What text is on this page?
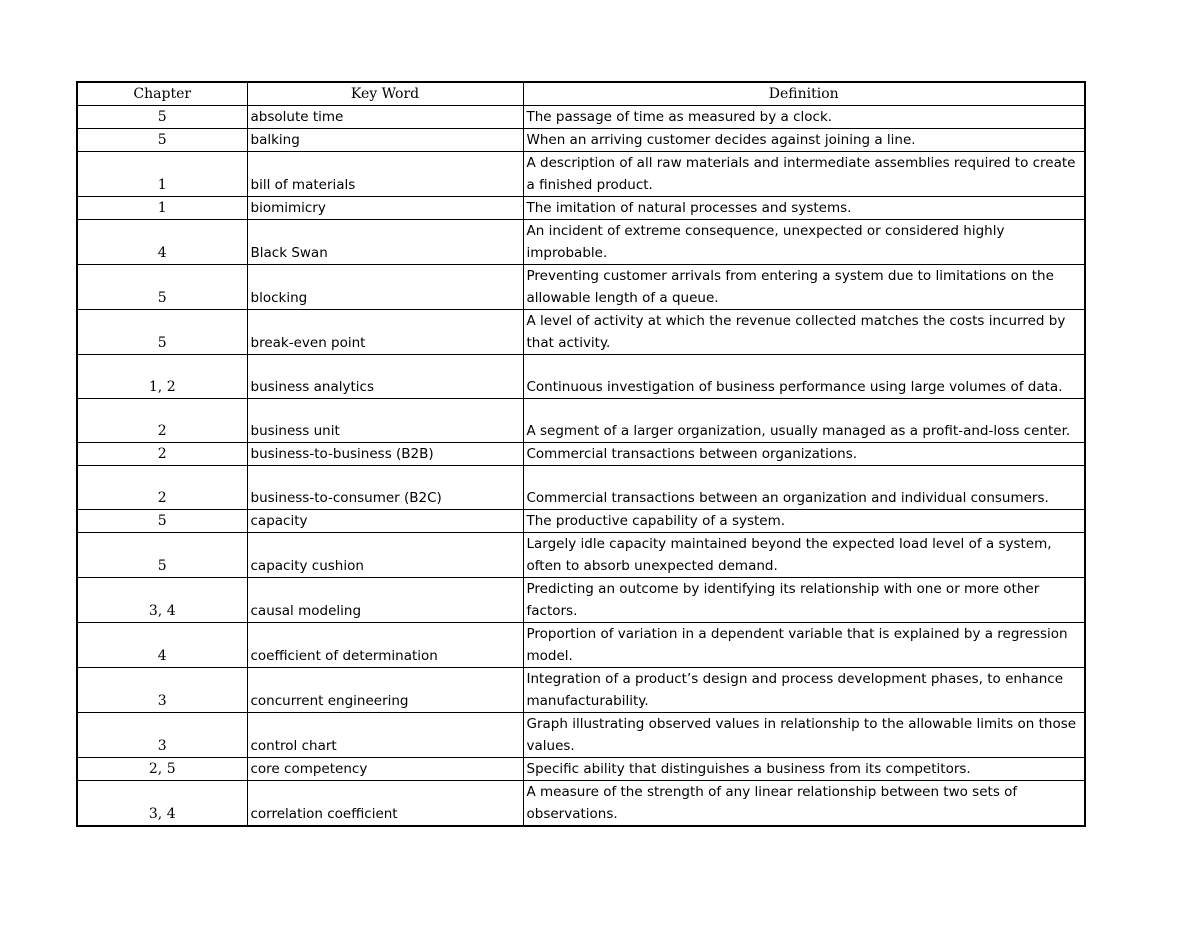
Chapter	Key Word	Definition
5	absolute time	The passage of time as measured by a clock.
5	balking	When an arriving customer decides against joining a line.
1	bill of materials	A description of all raw materials and intermediate assemblies required to create a finished product.
1	biomimicry	The imitation of natural processes and systems.
4	Black Swan	An incident of extreme consequence, unexpected or considered highly improbable.
5	blocking	Preventing customer arrivals from entering a system due to limitations on the allowable length of a queue.
5	break-even point	A level of activity at which the revenue collected matches the costs incurred by that activity.
1, 2	business analytics	Continuous investigation of business performance using large volumes of data.
2	business unit	A segment of a larger organization, usually managed as a profit-and-loss center.
2	business-to-business (B2B)	Commercial transactions between organizations.
2	business-to-consumer (B2C)	Commercial transactions between an organization and individual consumers.
5	capacity	The productive capability of a system.
5	capacity cushion	Largely idle capacity maintained beyond the expected load level of a system, often to absorb unexpected demand.
3, 4	causal modeling	Predicting an outcome by identifying its relationship with one or more other factors.
4	coefficient of determination	Proportion of variation in a dependent variable that is explained by a regression model.
3	concurrent engineering	Integration of a product’s design and process development phases, to enhance manufacturability.
3	control chart	Graph illustrating observed values in relationship to the allowable limits on those values.
2, 5	core competency	Specific ability that distinguishes a business from its competitors.
3, 4	correlation coefficient	A measure of the strength of any linear relationship between two sets of observations.
